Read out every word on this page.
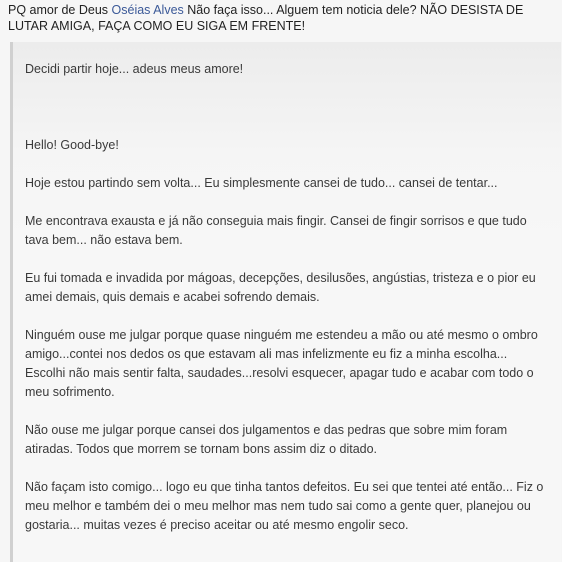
PQ amor de Deus Oséias Alves Não faça isso... Alguem tem noticia dele? NÃO DESISTA DE LUTAR AMIGA, FAÇA COMO EU SIGA EM FRENTE!

Decidi partir hoje... adeus meus amore!

Hello! Good-bye!

Hoje estou partindo sem volta... Eu simplesmente cansei de tudo... cansei de tentar...

Me encontrava exausta e já não conseguia mais fingir. Cansei de fingir sorrisos e que tudo tava bem... não estava bem.

Eu fui tomada e invadida por mágoas, decepções, desilusões, angústias, tristeza e o pior eu amei demais, quis demais e acabei sofrendo demais.

Ninguém ouse me julgar porque quase ninguém me estendeu a mão ou até mesmo o ombro amigo...contei nos dedos os que estavam ali mas infelizmente eu fiz a minha escolha... Escolhi não mais sentir falta, saudades...resolvi esquecer, apagar tudo e acabar com todo o meu sofrimento.

Não ouse me julgar porque cansei dos julgamentos e das pedras que sobre mim foram atiradas. Todos que morrem se tornam bons assim diz o ditado.

Não façam isto comigo... logo eu que tinha tantos defeitos. Eu sei que tentei até então... Fiz o meu melhor e também dei o meu melhor mas nem tudo sai como a gente quer, planejou ou gostaria... muitas vezes é preciso aceitar ou até mesmo engolir seco.
